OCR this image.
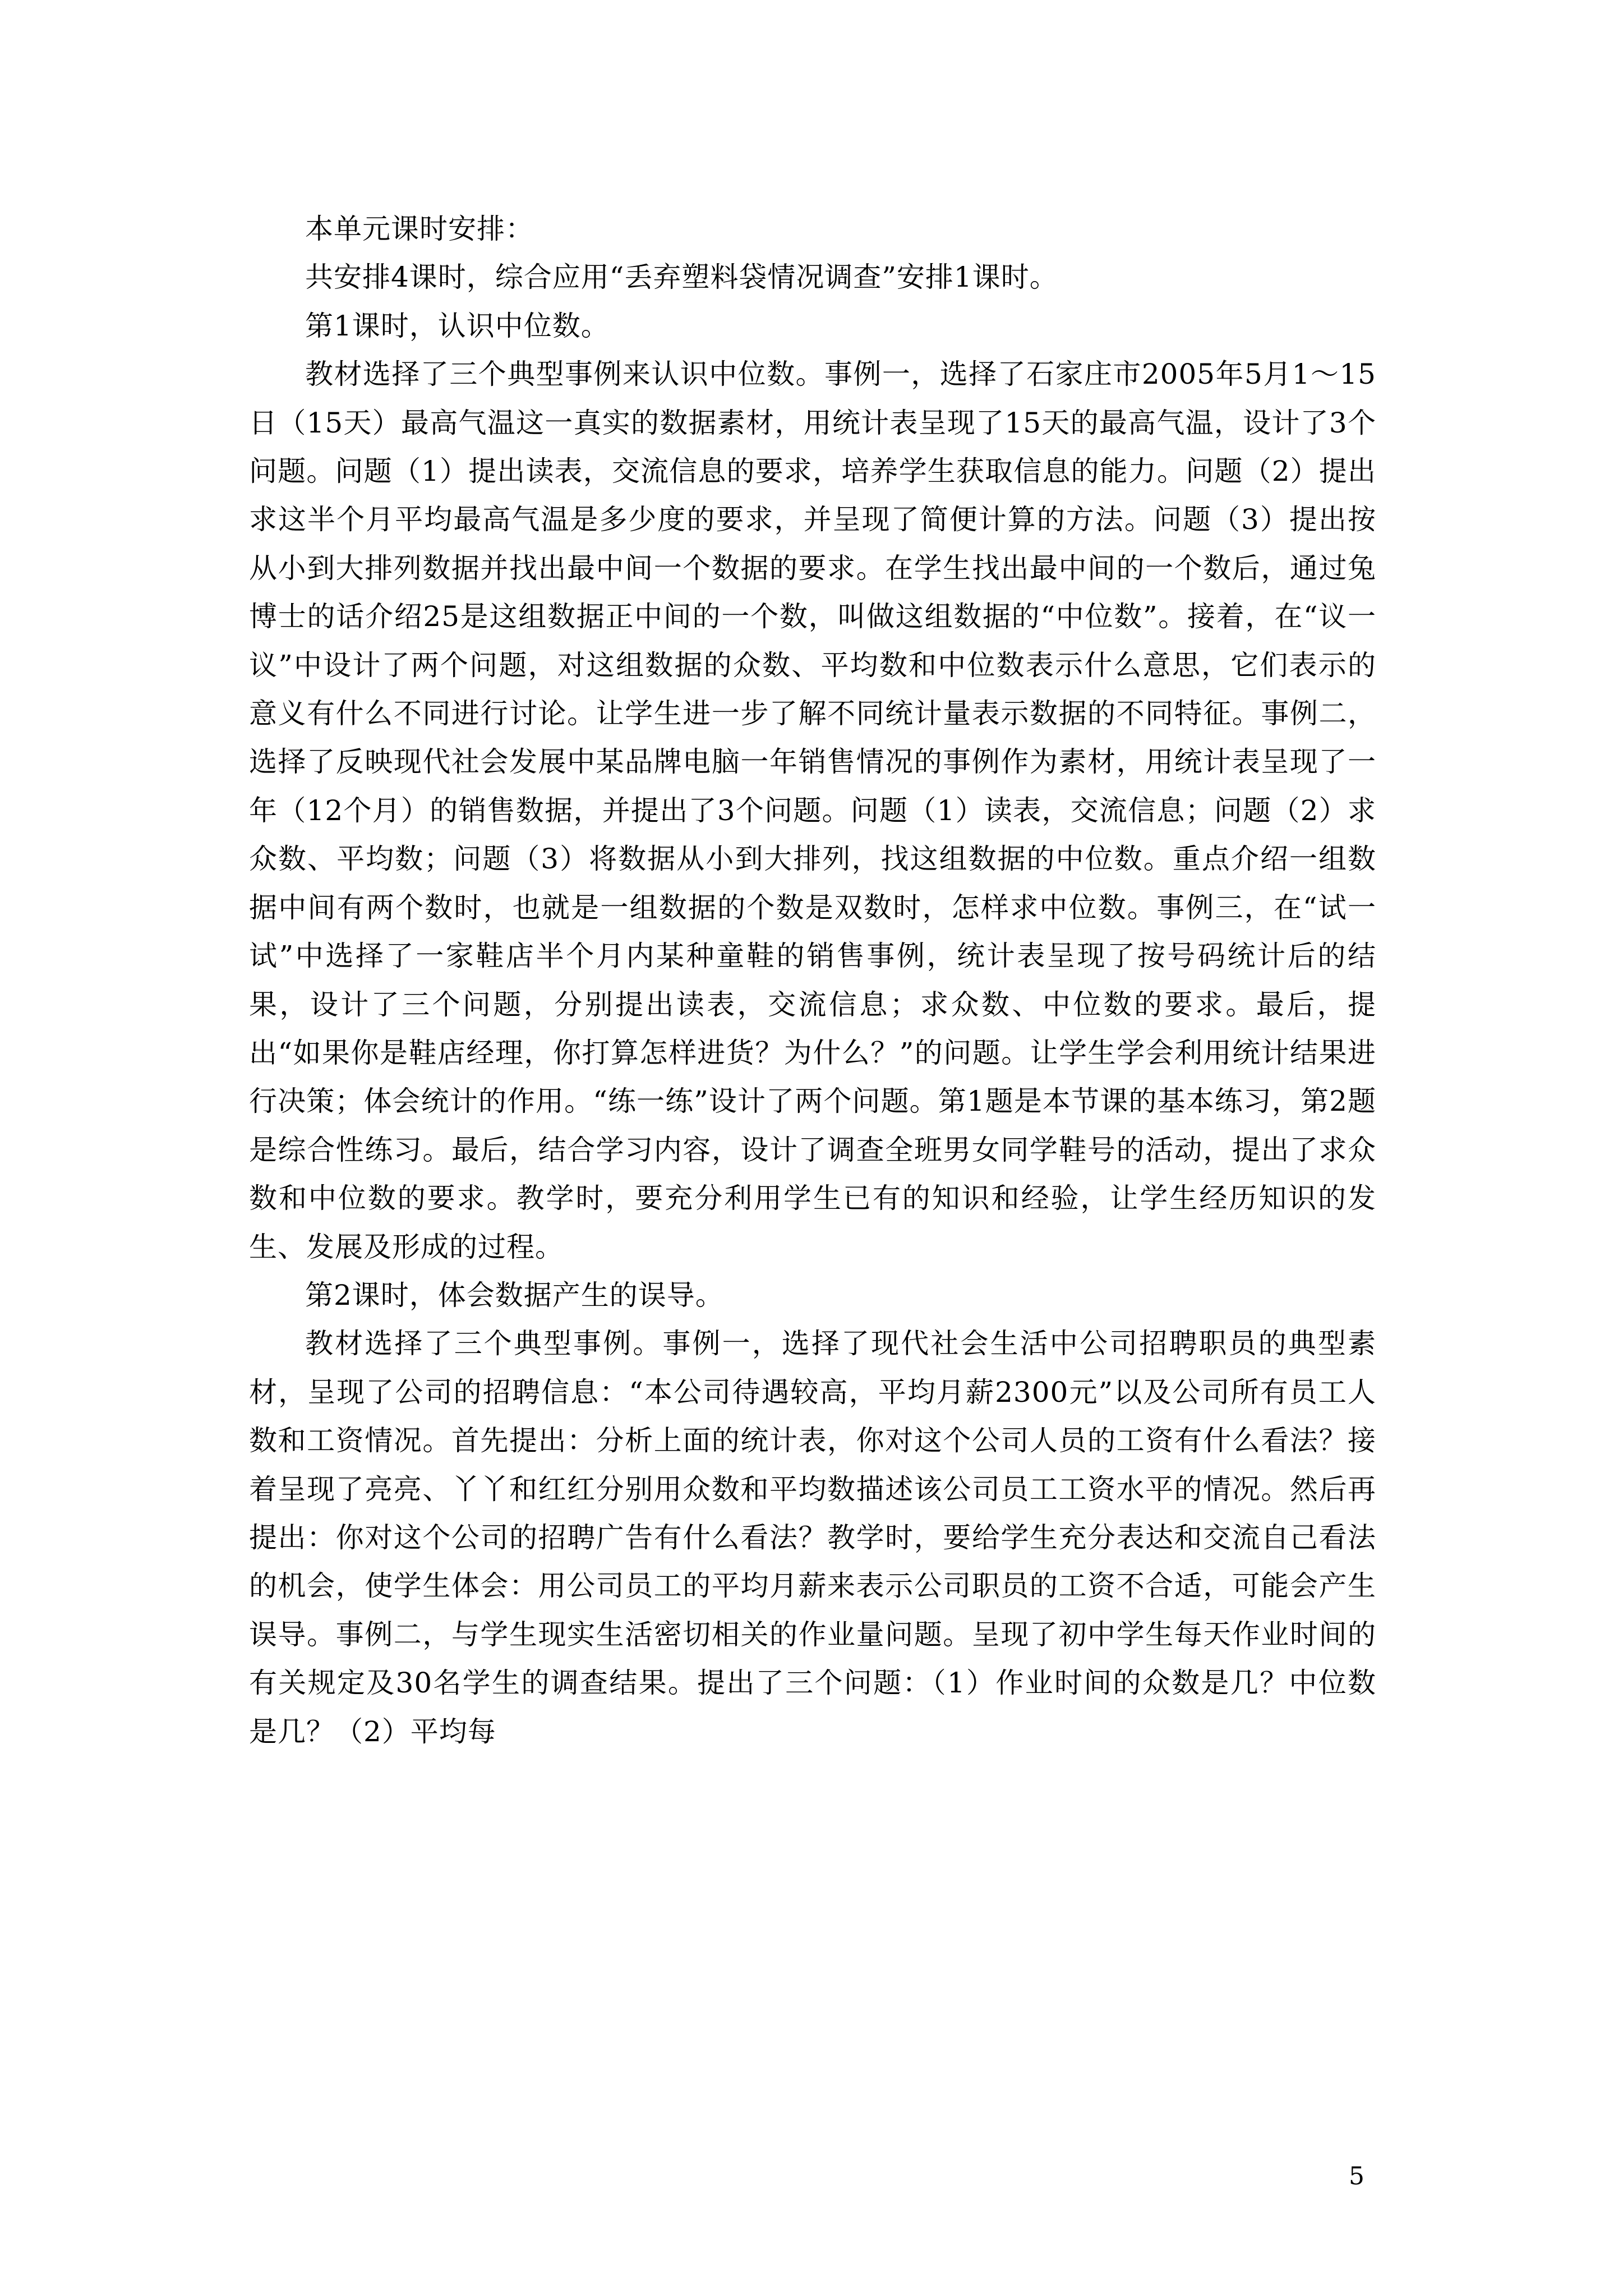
本单元课时安排：

共安排4课时，综合应用“丢弃塑料袋情况调查”安排1课时。

第1课时，认识中位数。

教材选择了三个典型事例来认识中位数。事例一，选择了石家庄市2005年5月1～15日（15天）最高气温这一真实的数据素材，用统计表呈现了15天的最高气温，设计了3个问题。问题（1）提出读表，交流信息的要求，培养学生获取信息的能力。问题（2）提出求这半个月平均最高气温是多少度的要求，并呈现了简便计算的方法。问题（3）提出按从小到大排列数据并找出最中间一个数据的要求。在学生找出最中间的一个数后，通过兔博士的话介绍25是这组数据正中间的一个数，叫做这组数据的“中位数”。接着，在“议一议”中设计了两个问题，对这组数据的众数、平均数和中位数表示什么意思，它们表示的意义有什么不同进行讨论。让学生进一步了解不同统计量表示数据的不同特征。事例二，选择了反映现代社会发展中某品牌电脑一年销售情况的事例作为素材，用统计表呈现了一年（12个月）的销售数据，并提出了3个问题。问题（1）读表，交流信息；问题（2）求众数、平均数；问题（3）将数据从小到大排列，找这组数据的中位数。重点介绍一组数据中间有两个数时，也就是一组数据的个数是双数时，怎样求中位数。事例三，在“试一试”中选择了一家鞋店半个月内某种童鞋的销售事例，统计表呈现了按号码统计后的结果，设计了三个问题，分别提出读表，交流信息；求众数、中位数的要求。最后，提出“如果你是鞋店经理，你打算怎样进货？为什么？”的问题。让学生学会利用统计结果进行决策；体会统计的作用。“练一练”设计了两个问题。第1题是本节课的基本练习，第2题是综合性练习。最后，结合学习内容，设计了调查全班男女同学鞋号的活动，提出了求众数和中位数的要求。教学时，要充分利用学生已有的知识和经验，让学生经历知识的发生、发展及形成的过程。

第2课时，体会数据产生的误导。

教材选择了三个典型事例。事例一，选择了现代社会生活中公司招聘职员的典型素材，呈现了公司的招聘信息：“本公司待遇较高，平均月薪2300元”以及公司所有员工人数和工资情况。首先提出：分析上面的统计表，你对这个公司人员的工资有什么看法？接着呈现了亮亮、丫丫和红红分别用众数和平均数描述该公司员工工资水平的情况。然后再提出：你对这个公司的招聘广告有什么看法？教学时，要给学生充分表达和交流自己看法的机会，使学生体会：用公司员工的平均月薪来表示公司职员的工资不合适，可能会产生误导。事例二，与学生现实生活密切相关的作业量问题。呈现了初中学生每天作业时间的有关规定及30名学生的调查结果。提出了三个问题：（1）作业时间的众数是几？中位数是几？（2）平均每

5
